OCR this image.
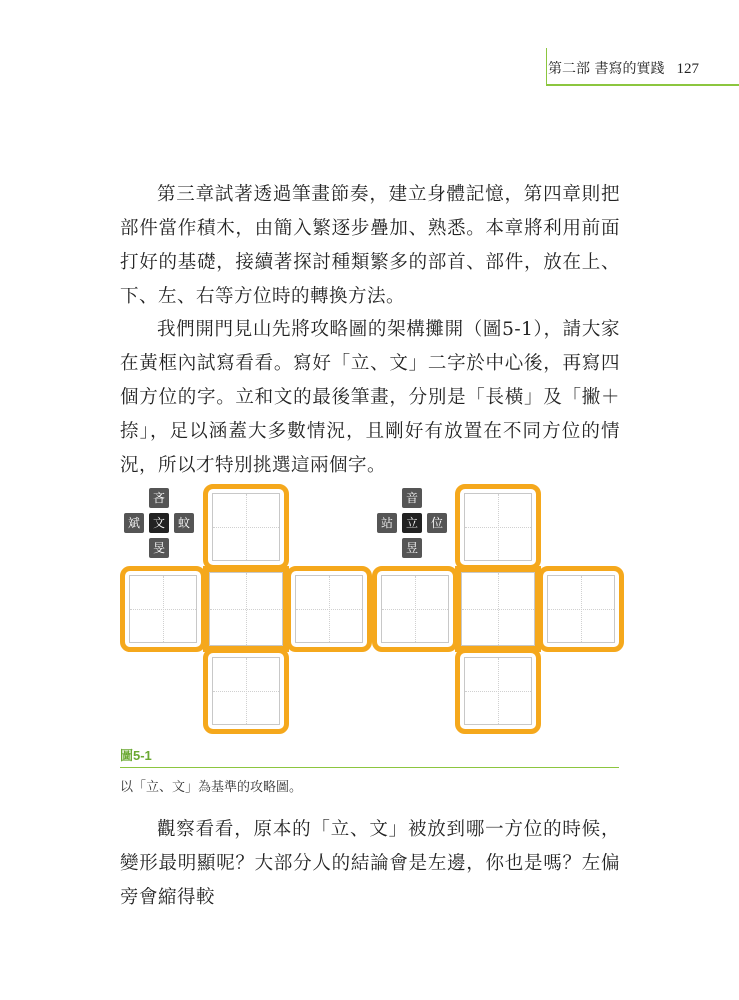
第二部 書寫的實踐 127

第三章試著透過筆畫節奏，建立身體記憶，第四章則把部件當作積木，由簡入繁逐步疊加、熟悉。本章將利用前面打好的基礎，接續著探討種類繁多的部首、部件，放在上、下、左、右等方位時的轉換方法。

我們開門見山先將攻略圖的架構攤開（圖5-1），請大家在黃框內試寫看看。寫好「立、文」二字於中心後，再寫四個方位的字。立和文的最後筆畫，分別是「長橫」及「撇＋捺」，足以涵蓋大多數情況，且剛好有放置在不同方位的情況，所以才特別挑選這兩個字。

吝
斌	文	蚊
旻
音
站	立	位
昱
圖5-1
以「立、文」為基準的攻略圖。

觀察看看，原本的「立、文」被放到哪一方位的時候，變形最明顯呢？大部分人的結論會是左邊，你也是嗎？左偏旁會縮得較
